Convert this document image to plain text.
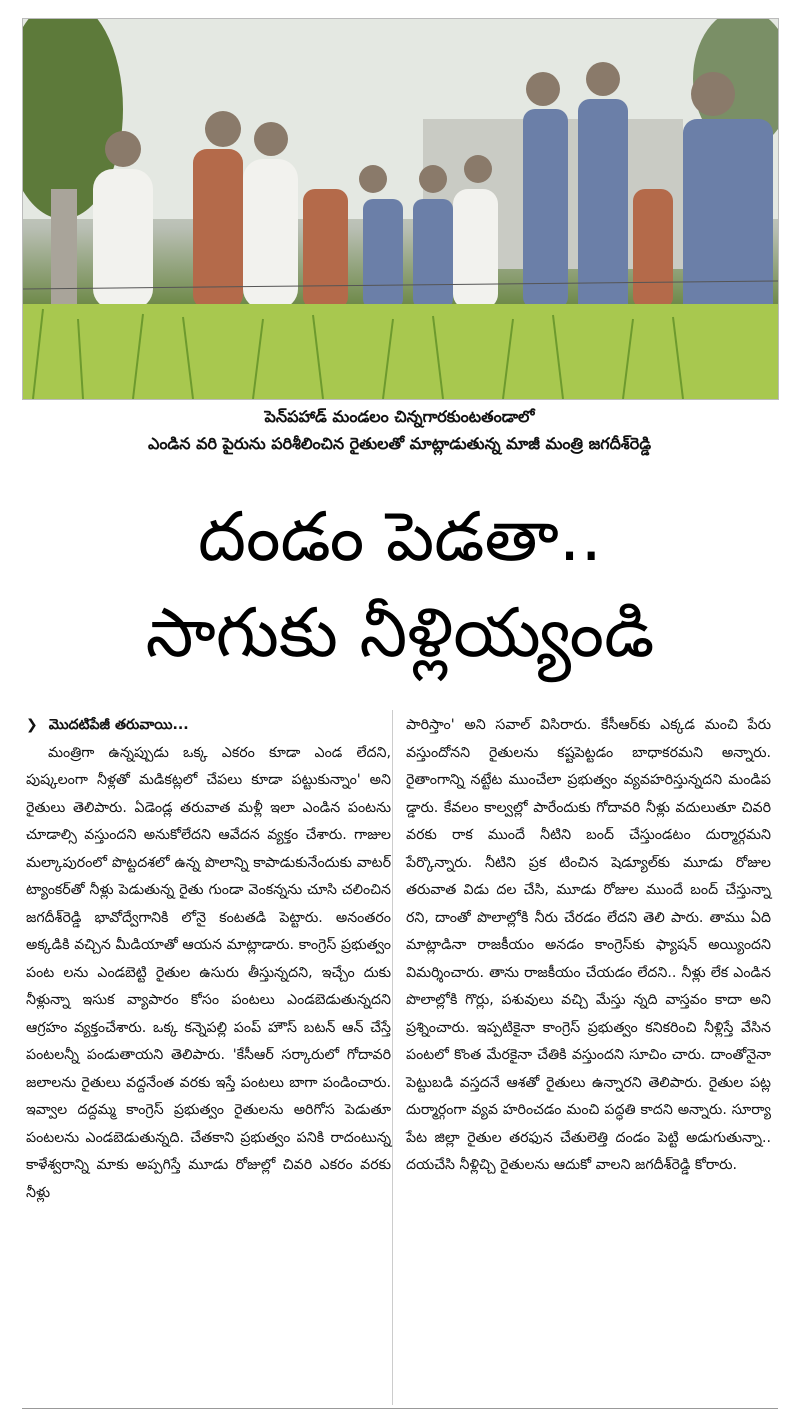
పెన్‌పహాడ్ మండలం చిన్నగారకుంటతండాలో
ఎండిన వరి పైరును పరిశీలించిన రైతులతో మాట్లాడుతున్న మాజీ మంత్రి జగదీశ్‌రెడ్డి
దండం పెడతా..
సాగుకు నీళ్లియ్యండి
❯ మొదటిపేజీ తరువాయి...
మంత్రిగా ఉన్నప్పుడు ఒక్క ఎకరం కూడా ఎండ లేదని, పుష్కలంగా నీళ్లతో మడికట్లలో చేపలు కూడా పట్టుకున్నాం' అని రైతులు తెలిపారు. ఏడెండ్ల తరువాత మళ్లీ ఇలా ఎండిన పంటను చూడాల్సి వస్తుందని అనుకోలేదని ఆవేదన వ్యక్తం చేశారు. గాజుల మల్కాపురంలో పొట్టదశలో ఉన్న పొలాన్ని కాపాడుకునేందుకు వాటర్ ట్యాంకర్‌తో నీళ్లు పెడుతున్న రైతు గుండా వెంకన్నను చూసి చలించిన జగదీశ్‌రెడ్డి భావోద్వేగానికి లోనై కంటతడి పెట్టారు. అనంతరం అక్కడికి వచ్చిన మీడియాతో ఆయన మాట్లాడారు. కాంగ్రెస్ ప్రభుత్వం పంట లను ఎండబెట్టి రైతుల ఉసురు తీస్తున్నదని, ఇచ్చేం దుకు నీళ్లున్నా ఇసుక వ్యాపారం కోసం పంటలు ఎండబెడుతున్నదని ఆగ్రహం వ్యక్తంచేశారు. ఒక్క కన్నెపల్లి పంప్ హౌస్ బటన్ ఆన్ చేస్తే పంటలన్నీ పండుతాయని తెలిపారు. 'కేసీఆర్ సర్కారులో గోదావరి జలాలను రైతులు వద్దనేంత వరకు ఇస్తే పంటలు బాగా పండించారు. ఇవ్వాల దద్దమ్మ కాంగ్రెస్ ప్రభుత్వం రైతులను అరిగోస పెడుతూ పంటలను ఎండబెడుతున్నది. చేతకాని ప్రభుత్వం పనికి రాదంటున్న కాళేశ్వరాన్ని మాకు అప్పగిస్తే మూడు రోజుల్లో చివరి ఎకరం వరకు నీళ్లు
పారిస్తాం' అని సవాల్ విసిరారు. కేసీఆర్‌కు ఎక్కడ మంచి పేరు వస్తుందోనని రైతులను కష్టపెట్టడం బాధాకరమని అన్నారు. రైతాంగాన్ని నట్టేట ముంచేలా ప్రభుత్వం వ్యవహరిస్తున్నదని మండిప డ్డారు. కేవలం కాల్వల్లో పారేందుకు గోదావరి నీళ్లు వదులుతూ చివరి వరకు రాక ముందే నీటిని బంద్ చేస్తుండటం దుర్మార్గమని పేర్కొన్నారు. నీటిని ప్రక టించిన షెడ్యూల్‌కు మూడు రోజుల తరువాత విడు దల చేసి, మూడు రోజుల ముందే బంద్ చేస్తున్నా రని, దాంతో పొలాల్లోకి నీరు చేరడం లేదని తెలి పారు. తాము ఏది మాట్లాడినా రాజకీయం అనడం కాంగ్రెస్‌కు ఫ్యాషన్ అయ్యిందని విమర్శించారు. తాను రాజకీయం చేయడం లేదని.. నీళ్లు లేక ఎండిన పొలాల్లోకి గొర్లు, పశువులు వచ్చి మేస్తు న్నది వాస్తవం కాదా అని ప్రశ్నించారు. ఇప్పటికైనా కాంగ్రెస్ ప్రభుత్వం కనికరించి నీళ్లిస్తే వేసిన పంటలో కొంత మేరకైనా చేతికి వస్తుందని సూచిం చారు. దాంతోనైనా పెట్టుబడి వస్తదనే ఆశతో రైతులు ఉన్నారని తెలిపారు. రైతుల పట్ల దుర్మార్గంగా వ్యవ హరించడం మంచి పద్ధతి కాదని అన్నారు. సూర్యా పేట జిల్లా రైతుల తరఫున చేతులెత్తి దండం పెట్టి అడుగుతున్నా.. దయచేసి నీళ్లిచ్చి రైతులను ఆదుకో వాలని జగదీశ్‌రెడ్డి కోరారు.
